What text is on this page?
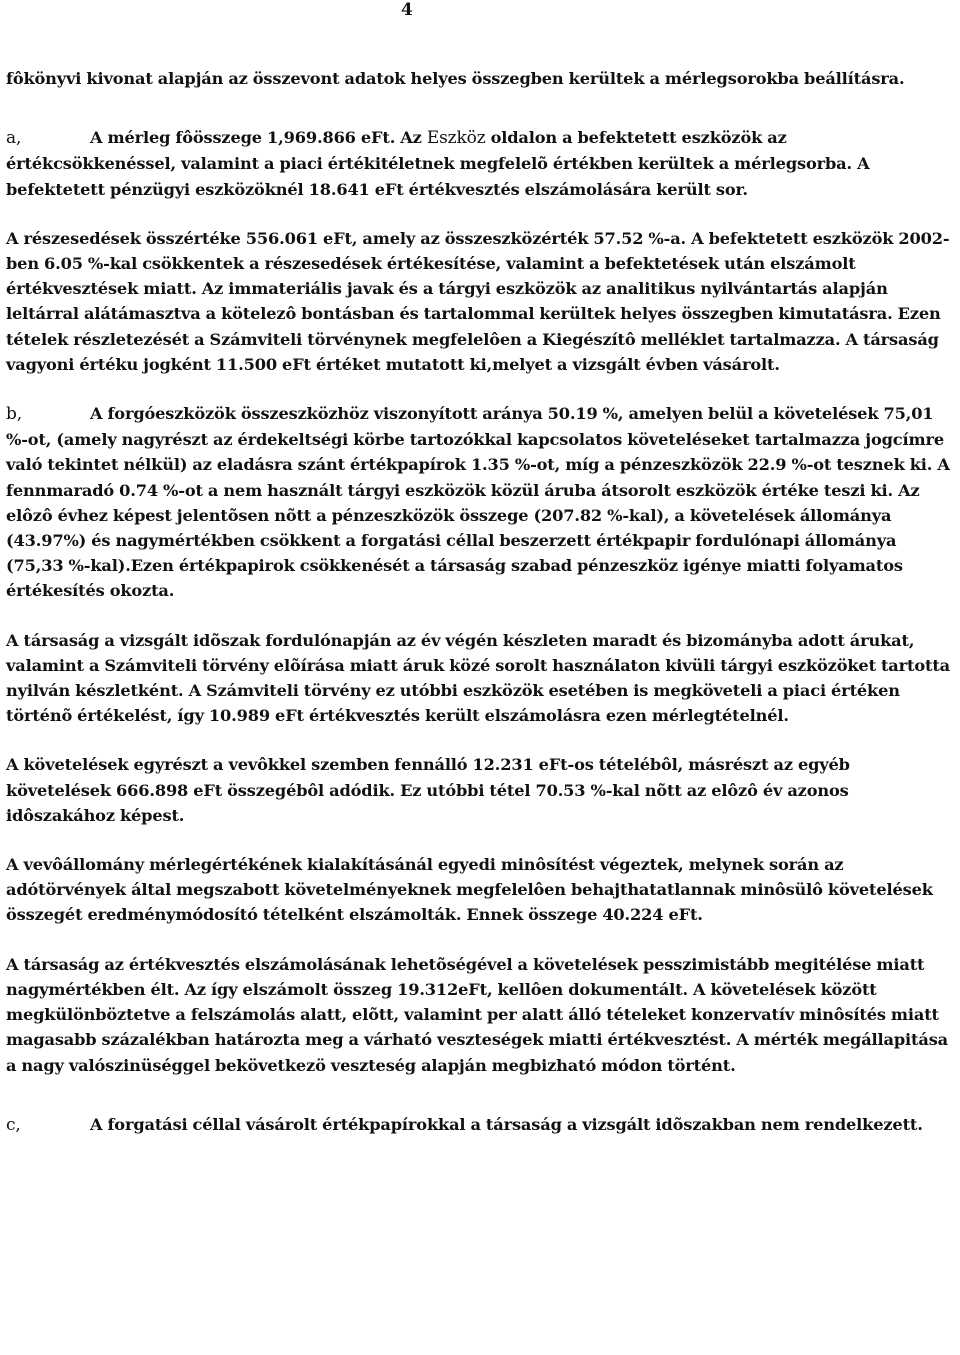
4

fôkönyvi kivonat alapján az összevont adatok helyes összegben kerültek a mérlegsorokba beállításra.

a,	A mérleg fôösszege 1,969.866 eFt. Az Eszköz oldalon a befektetett eszközök az értékcsökkenéssel, valamint a piaci értékitéletnek megfelelõ értékben kerültek a mérlegsorba. A befektetett pénzügyi eszközöknél 18.641 eFt értékvesztés elszámolására került sor.

A részesedések összértéke 556.061 eFt, amely az összeszközérték 57.52 %-a. A befektetett eszközök 2002-ben 6.05 %-kal csökkentek a részesedések értékesítése, valamint a befektetések után elszámolt értékvesztések miatt. Az immateriális javak és a tárgyi eszközök az analitikus nyilvántartás alapján leltárral alátámasztva a kötelezô bontásban és tartalommal kerültek helyes összegben kimutatásra. Ezen tételek részletezését a Számviteli törvénynek megfelelôen a Kiegészítô melléklet tartalmazza. A társaság vagyoni értéku jogként 11.500 eFt értéket mutatott ki,melyet a vizsgált évben vásárolt.

b,	A forgóeszközök összeszközhöz viszonyított aránya 50.19 %, amelyen belül a követelések 75,01 %-ot, (amely nagyrészt az érdekeltségi körbe tartozókkal kapcsolatos követeléseket tartalmazza jogcímre való tekintet nélkül) az eladásra szánt értékpapírok 1.35 %-ot, míg a pénzeszközök 22.9 %-ot tesznek ki. A fennmaradó 0.74 %-ot a nem használt tárgyi eszközök közül áruba átsorolt eszközök értéke teszi ki. Az elôzô évhez képest jelentõsen nõtt a pénzeszközök összege (207.82 %-kal), a követelések állománya (43.97%) és nagymértékben csökkent a forgatási céllal beszerzett értékpapir fordulónapi állománya (75,33 %-kal).Ezen értékpapirok csökkenését a társaság szabad pénzeszköz igénye miatti folyamatos értékesítés okozta.

A társaság a vizsgált idõszak fordulónapján az év végén készleten maradt és bizományba adott árukat, valamint a Számviteli törvény elõírása miatt áruk közé sorolt használaton kivüli tárgyi eszközöket tartotta nyilván készletként. A Számviteli törvény ez utóbbi eszközök esetében is megköveteli a piaci értéken történõ értékelést, így 10.989 eFt értékvesztés került elszámolásra ezen mérlegtételnél.

A követelések egyrészt a vevôkkel szemben fennálló 12.231 eFt-os tételébôl, másrészt az egyéb követelések 666.898 eFt összegébôl adódik. Ez utóbbi tétel 70.53 %-kal nõtt az elôzô év azonos idôszakához képest.

A vevôállomány mérlegértékének kialakításánál egyedi minôsítést végeztek, melynek során az adótörvények által megszabott követelményeknek megfelelôen behajthatatlannak minôsülô követelések összegét eredménymódosító tételként elszámolták. Ennek összege 40.224 eFt.

A társaság az értékvesztés elszámolásának lehetõségével a követelések pesszimistább megitélése miatt nagymértékben élt. Az így elszámolt összeg 19.312eFt, kellôen dokumentált. A követelések között megkülönböztetve a felszámolás alatt, elõtt, valamint per alatt álló tételeket konzervatív minôsítés miatt magasabb százalékban határozta meg a várható veszteségek miatti értékvesztést. A mérték megállapitása a nagy valószinüséggel bekövetkezö veszteség alapján megbizható módon történt.

c,	A forgatási céllal vásárolt értékpapírokkal a társaság a vizsgált idõszakban nem rendelkezett.
